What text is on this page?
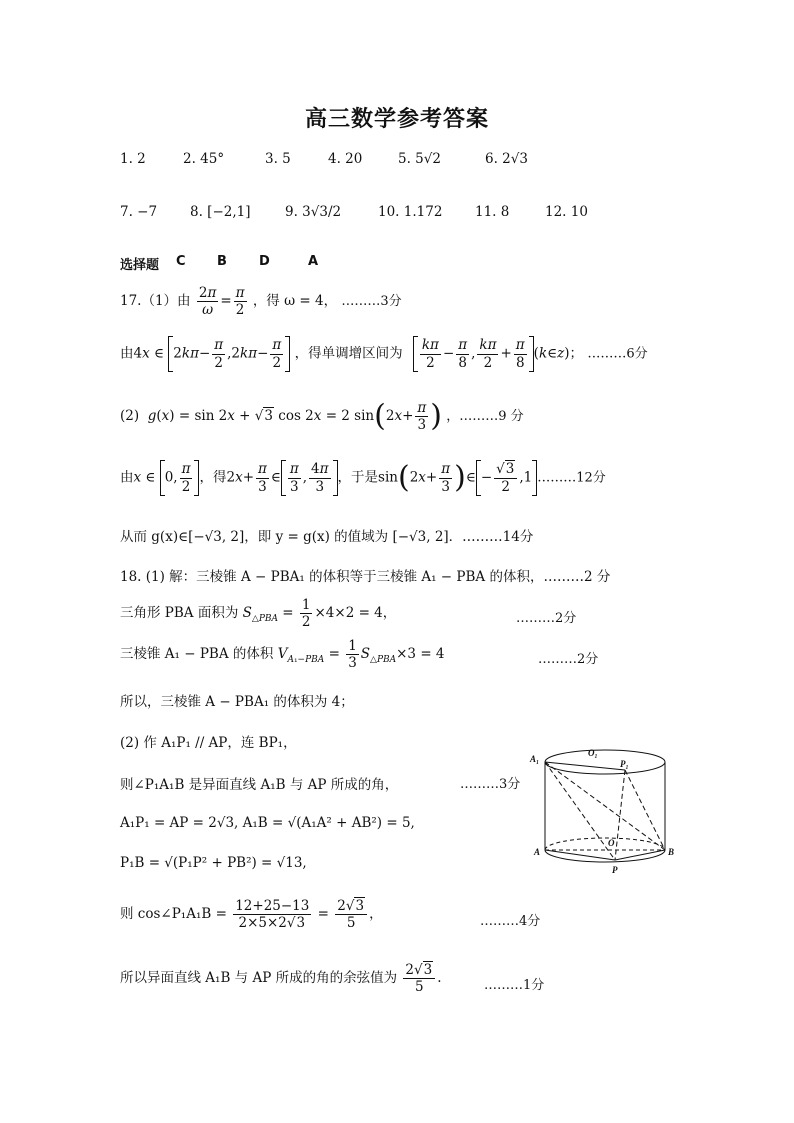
高三数学参考答案
1. 2	2. 45°	3. 5	4. 20	5. 5√2	6. 2√3
7. −7 8. [−2,1]	9. 3√3/2	10. 1.172 11. 8	12. 10
选择题 C B D	A
17.（1）由 $\frac{2\pi}{\omega} = \frac{\pi}{2}$ ，得 ω = 4， ………3分
由4x ∈ $2k\pi- \frac{\pi}{2} ,2k\pi- \frac{\pi}{2}$ ，得单调增区间为 $\frac{k\pi}{2} - \frac{\pi}{8}$ , $\frac{k\pi}{2} + \frac{\pi}{8}$ (k∈z)； ………6分
(2) g(x) = sin 2x + √3 cos 2x = 2 $\sin(2x+ \frac{\pi}{3}$ ) ，………9 分
由x ∈ 0, $\frac{\pi}{2}$ ，得$2x+ \frac{\pi}{3}$ ∈ $\frac{\pi}{3}$ , $\frac{4\pi}{3}$ ，于是$\sin(2x+ \frac{\pi}{3}$ )∈ − $\frac{√3}{2} ,1$ ………12分
从而 g(x)∈[−√3, 2]，即 y = g(x) 的值域为 [−√3, 2]．………14分
18. (1) 解：三棱锥 A − PBA₁ 的体积等于三棱锥 A₁ − PBA 的体积，………2 分
三角形 PBA 面积为 $S_{\triangle PBA} = \frac{1}{2} \times 4\times 2 = 4$，	………2分
三棱锥 A₁ − PBA 的体积 $V_{A_1-PBA} = \frac{1}{3} S_{\triangle PBA}\times 3 = 4$	………2分
所以，三棱锥 A − PBA₁ 的体积为 4；
(2) 作 A₁P₁ // AP，连 BP₁，
则∠P₁A₁B 是异面直线 A₁B 与 AP 所成的角，	………3分
A₁P₁ = AP = 2√3, A₁B = √(A₁A² + AB²) = 5,
P₁B = √(P₁P² + PB²) = √13,
则 cos∠P₁A₁B = $\frac{12+25-13}{2\times 5\times 2√3} = \frac{2√3}{5}$ ，	………4分
所以异面直线 A₁B 与 AP 所成的角的余弦值为 $\frac{2√3}{5}$ .	………1分
A₁
O₁
P₁
O
A	B
P
